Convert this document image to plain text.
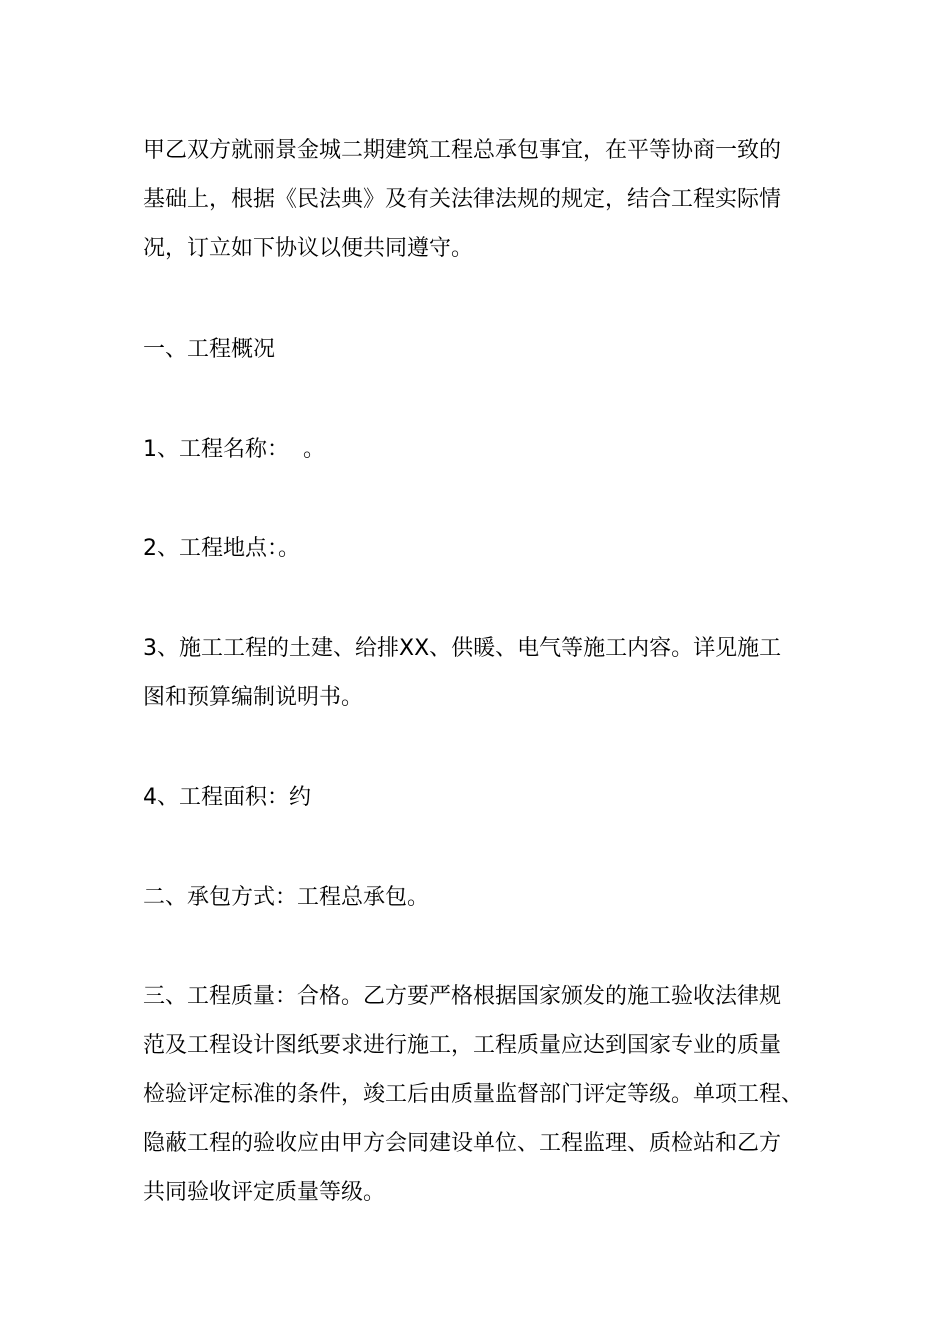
甲乙双方就丽景金城二期建筑工程总承包事宜，在平等协商一致的
基础上，根据《民法典》及有关法律法规的规定，结合工程实际情
况，订立如下协议以便共同遵守。

一、工程概况

1、工程名称：  。

2、工程地点：。

3、施工工程的土建、给排XX、供暖、电气等施工内容。详见施工
图和预算编制说明书。

4、工程面积：约

二、承包方式：工程总承包。

三、工程质量：合格。乙方要严格根据国家颁发的施工验收法律规
范及工程设计图纸要求进行施工，工程质量应达到国家专业的质量
检验评定标准的条件，竣工后由质量监督部门评定等级。单项工程、
隐蔽工程的验收应由甲方会同建设单位、工程监理、质检站和乙方
共同验收评定质量等级。
